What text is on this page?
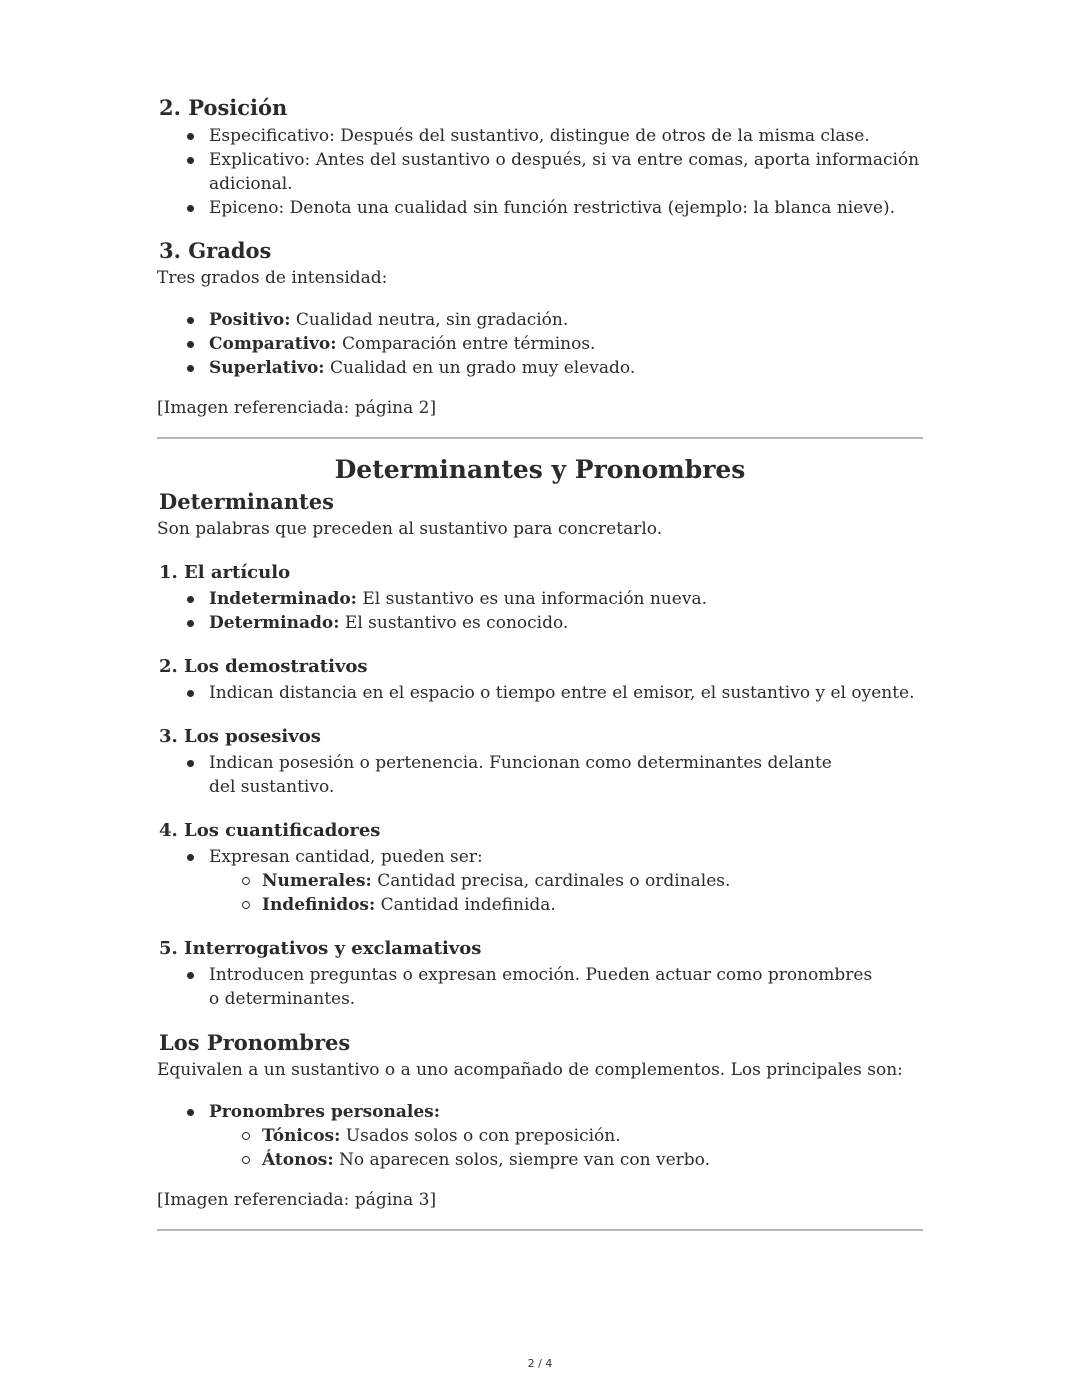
2. Posición
Especificativo: Después del sustantivo, distingue de otros de la misma clase.
Explicativo: Antes del sustantivo o después, si va entre comas, aporta información adicional.
Epiceno: Denota una cualidad sin función restrictiva (ejemplo: la blanca nieve).
3. Grados

Tres grados de intensidad:

Positivo: Cualidad neutra, sin gradación.
Comparativo: Comparación entre términos.
Superlativo: Cualidad en un grado muy elevado.

[Imagen referenciada: página 2]

Determinantes y Pronombres
Determinantes

Son palabras que preceden al sustantivo para concretarlo.

1. El artículo
Indeterminado: El sustantivo es una información nueva.
Determinado: El sustantivo es conocido.
2. Los demostrativos
Indican distancia en el espacio o tiempo entre el emisor, el sustantivo y el oyente.
3. Los posesivos
Indican posesión o pertenencia. Funcionan como determinantes delante del sustantivo.
4. Los cuantificadores
Expresan cantidad, pueden ser:
Numerales: Cantidad precisa, cardinales o ordinales.
Indefinidos: Cantidad indefinida.
5. Interrogativos y exclamativos
Introducen preguntas o expresan emoción. Pueden actuar como pronombres o determinantes.
Los Pronombres

Equivalen a un sustantivo o a uno acompañado de complementos. Los principales son:

Pronombres personales:
Tónicos: Usados solos o con preposición.
Átonos: No aparecen solos, siempre van con verbo.

[Imagen referenciada: página 3]

2 / 4
